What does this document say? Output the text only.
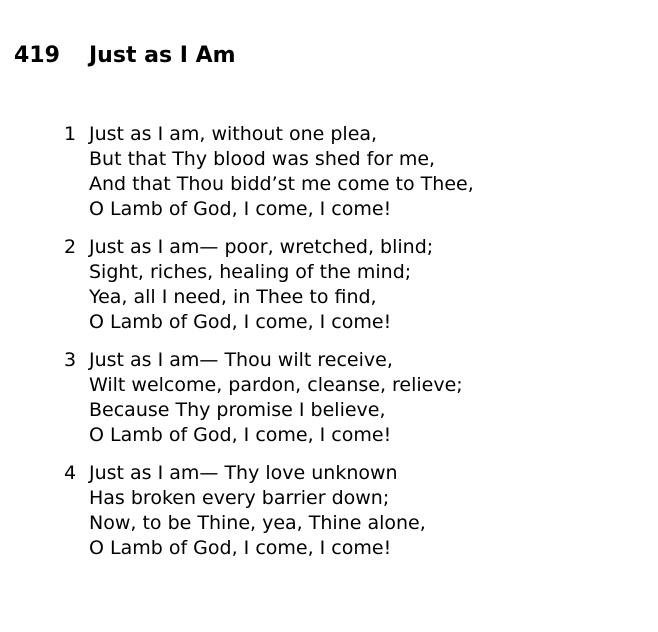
419 Just as I Am
1 Just as I am, without one plea,
But that Thy blood was shed for me,
And that Thou bidd’st me come to Thee,
O Lamb of God, I come, I come!
2 Just as I am— poor, wretched, blind;
Sight, riches, healing of the mind;
Yea, all I need, in Thee to find,
O Lamb of God, I come, I come!
3 Just as I am— Thou wilt receive,
Wilt welcome, pardon, cleanse, relieve;
Because Thy promise I believe,
O Lamb of God, I come, I come!
4 Just as I am— Thy love unknown
Has broken every barrier down;
Now, to be Thine, yea, Thine alone,
O Lamb of God, I come, I come!
